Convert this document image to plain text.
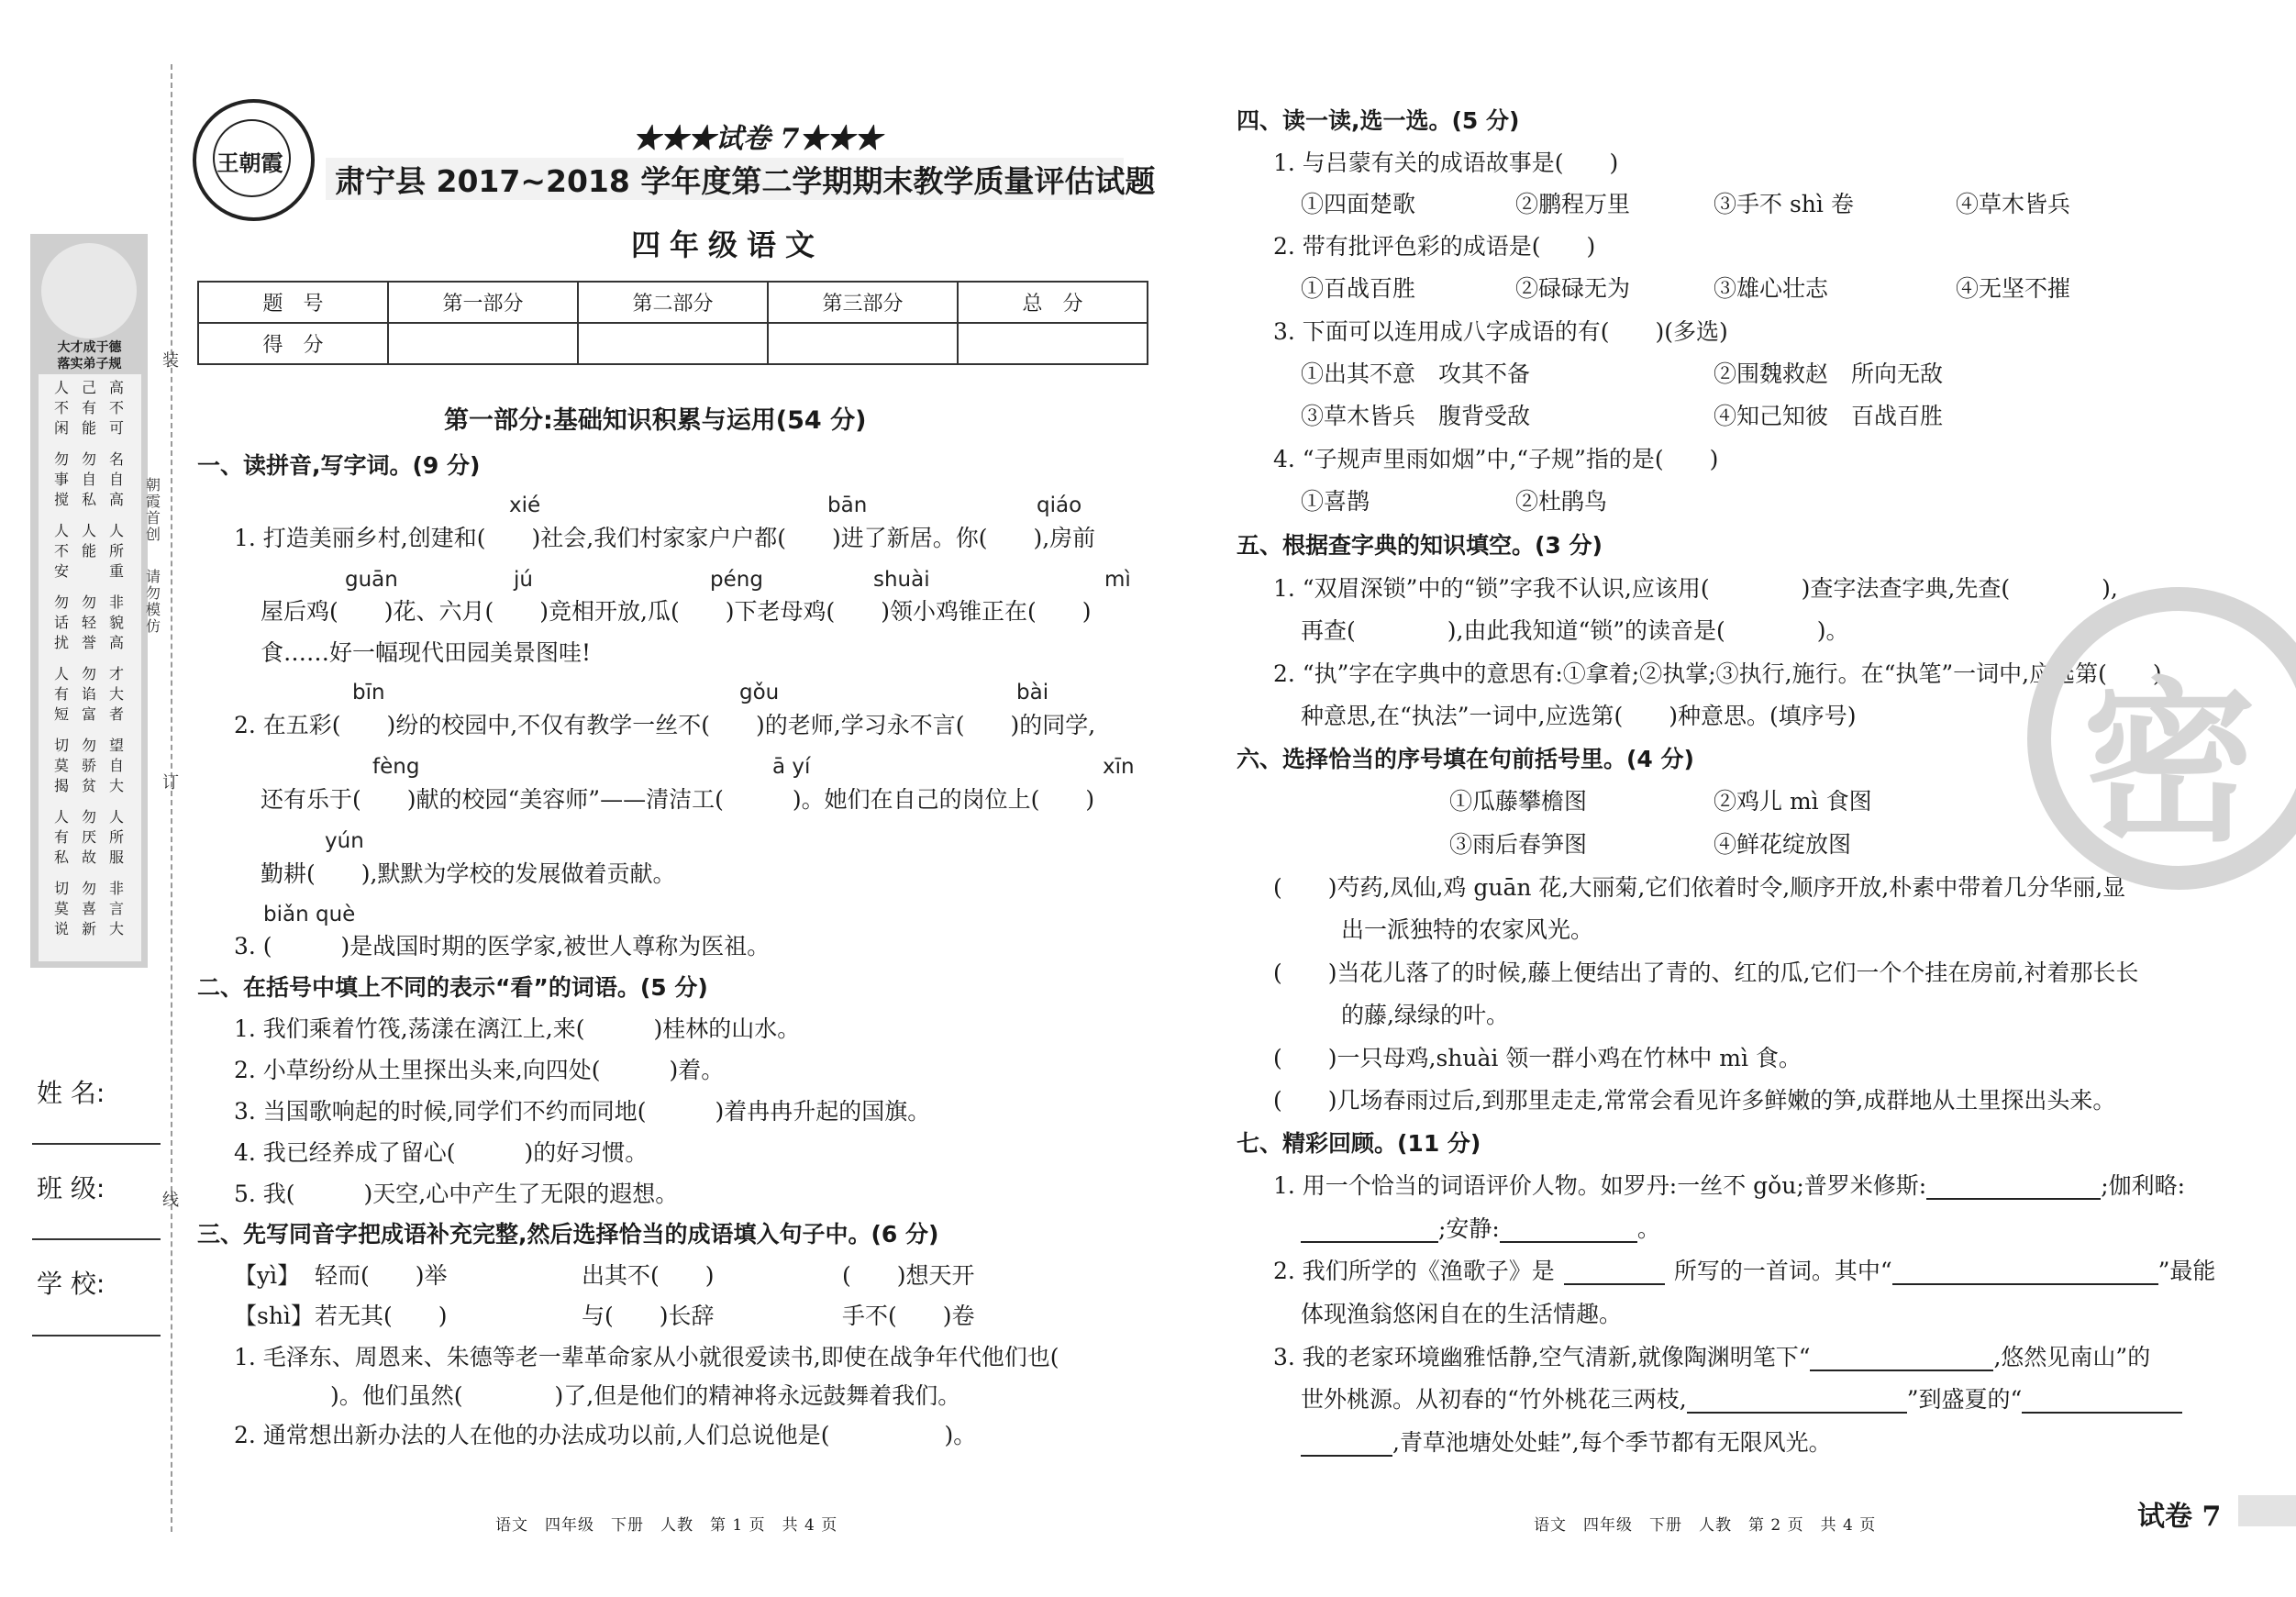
大才成于德
落实弟子规
人不闲
己有能
高不可
勿事搅
勿自私
名自高
人不安
人能
人所重
勿话扰
勿轻誉
非貌高
人有短
勿谄富
才大者
切莫揭
勿骄贫
望自大
人有私
勿厌故
人所服
切莫说
勿喜新
非言大
朝霞首创
请勿模仿
装
订
线
姓 名:
班 级:
学 校:
王朝霞
★★★试卷 7★★★
肃宁县 2017~2018 学年度第二学期期末教学质量评估试题
四年级语文
题　号	第一部分	第二部分	第三部分	总　分
得　分				
第一部分:基础知识积累与运用(54 分)
一、读拼音,写字词。(9 分)
xié	bān	qiáo
1. 打造美丽乡村,创建和(　　)社会,我们村家家户户都(　　)进了新居。你(　　),房前
guān	jú	péng	shuài	mì
屋后鸡(　　)花、六月(　　)竞相开放,瓜(　　)下老母鸡(　　)领小鸡锥正在(　　)
食……好一幅现代田园美景图哇!
bīn	gǒu	bài
2. 在五彩(　　)纷的校园中,不仅有教学一丝不(　　)的老师,学习永不言(　　)的同学,
fèng	ā yí	xīn
还有乐于(　　)献的校园“美容师”——清洁工(　　　)。她们在自己的岗位上(　　)
yún
勤耕(　　),默默为学校的发展做着贡献。
biǎn què
3. (　　　)是战国时期的医学家,被世人尊称为医祖。
二、在括号中填上不同的表示“看”的词语。(5 分)
1. 我们乘着竹筏,荡漾在漓江上,来(　　　)桂林的山水。
2. 小草纷纷从土里探出头来,向四处(　　　)着。
3. 当国歌响起的时候,同学们不约而同地(　　　)着冉冉升起的国旗。
4. 我已经养成了留心(　　　)的好习惯。
5. 我(　　　)天空,心中产生了无限的遐想。
三、先写同音字把成语补充完整,然后选择恰当的成语填入句子中。(6 分)
【yì】 轻而(　　)举	出其不(　　)	(　　)想天开
【shì】 若无其(　　)	与(　　)长辞	手不(　　)卷
1. 毛泽东、周恩来、朱德等老一辈革命家从小就很爱读书,即使在战争年代他们也(
)。他们虽然(　　　　)了,但是他们的精神将永远鼓舞着我们。
2. 通常想出新办法的人在他的办法成功以前,人们总说他是(　　　　　)。
四、读一读,选一选。(5 分)
1. 与吕蒙有关的成语故事是(　　)
①四面楚歌	②鹏程万里	③手不 shì 卷	④草木皆兵
2. 带有批评色彩的成语是(　　)
①百战百胜	②碌碌无为	③雄心壮志	④无坚不摧
3. 下面可以连用成八字成语的有(　　)(多选)
①出其不意　攻其不备	②围魏救赵　所向无敌
③草木皆兵　腹背受敌	④知己知彼　百战百胜
4. “子规声里雨如烟”中,“子规”指的是(　　)
①喜鹊	②杜鹃鸟
五、根据查字典的知识填空。(3 分)
1. “双眉深锁”中的“锁”字我不认识,应该用(　　　　)查字法查字典,先查(　　　　),
再查(　　　　),由此我知道“锁”的读音是(　　　　)。
2. “执”字在字典中的意思有:①拿着;②执掌;③执行,施行。在“执笔”一词中,应选第(　　)
种意思,在“执法”一词中,应选第(　　)种意思。(填序号)
六、选择恰当的序号填在句前括号里。(4 分)
①瓜藤攀檐图	②鸡儿 mì 食图
③雨后春笋图	④鲜花绽放图
(　　)芍药,凤仙,鸡 guān 花,大丽菊,它们依着时令,顺序开放,朴素中带着几分华丽,显
出一派独特的农家风光。
(　　)当花儿落了的时候,藤上便结出了青的、红的瓜,它们一个个挂在房前,衬着那长长
的藤,绿绿的叶。
(　　)一只母鸡,shuài 领一群小鸡在竹林中 mì 食。
(　　)几场春雨过后,到那里走走,常常会看见许多鲜嫩的笋,成群地从土里探出头来。
七、精彩回顾。(11 分)
1. 用一个恰当的词语评价人物。如罗丹:一丝不 gǒu;普罗米修斯:	;伽利略:
;安静:	。
2. 我们所学的《渔歌子》是	所写的一首词。其中“	”最能
体现渔翁悠闲自在的生活情趣。
3. 我的老家环境幽雅恬静,空气清新,就像陶渊明笔下“	,悠然见南山”的
世外桃源。从初春的“竹外桃花三两枝,	”到盛夏的“
,青草池塘处处蛙”,每个季节都有无限风光。
密
语文　四年级　下册　人教　第 1 页　共 4 页	语文　四年级　下册　人教　第 2 页　共 4 页	试卷 7
